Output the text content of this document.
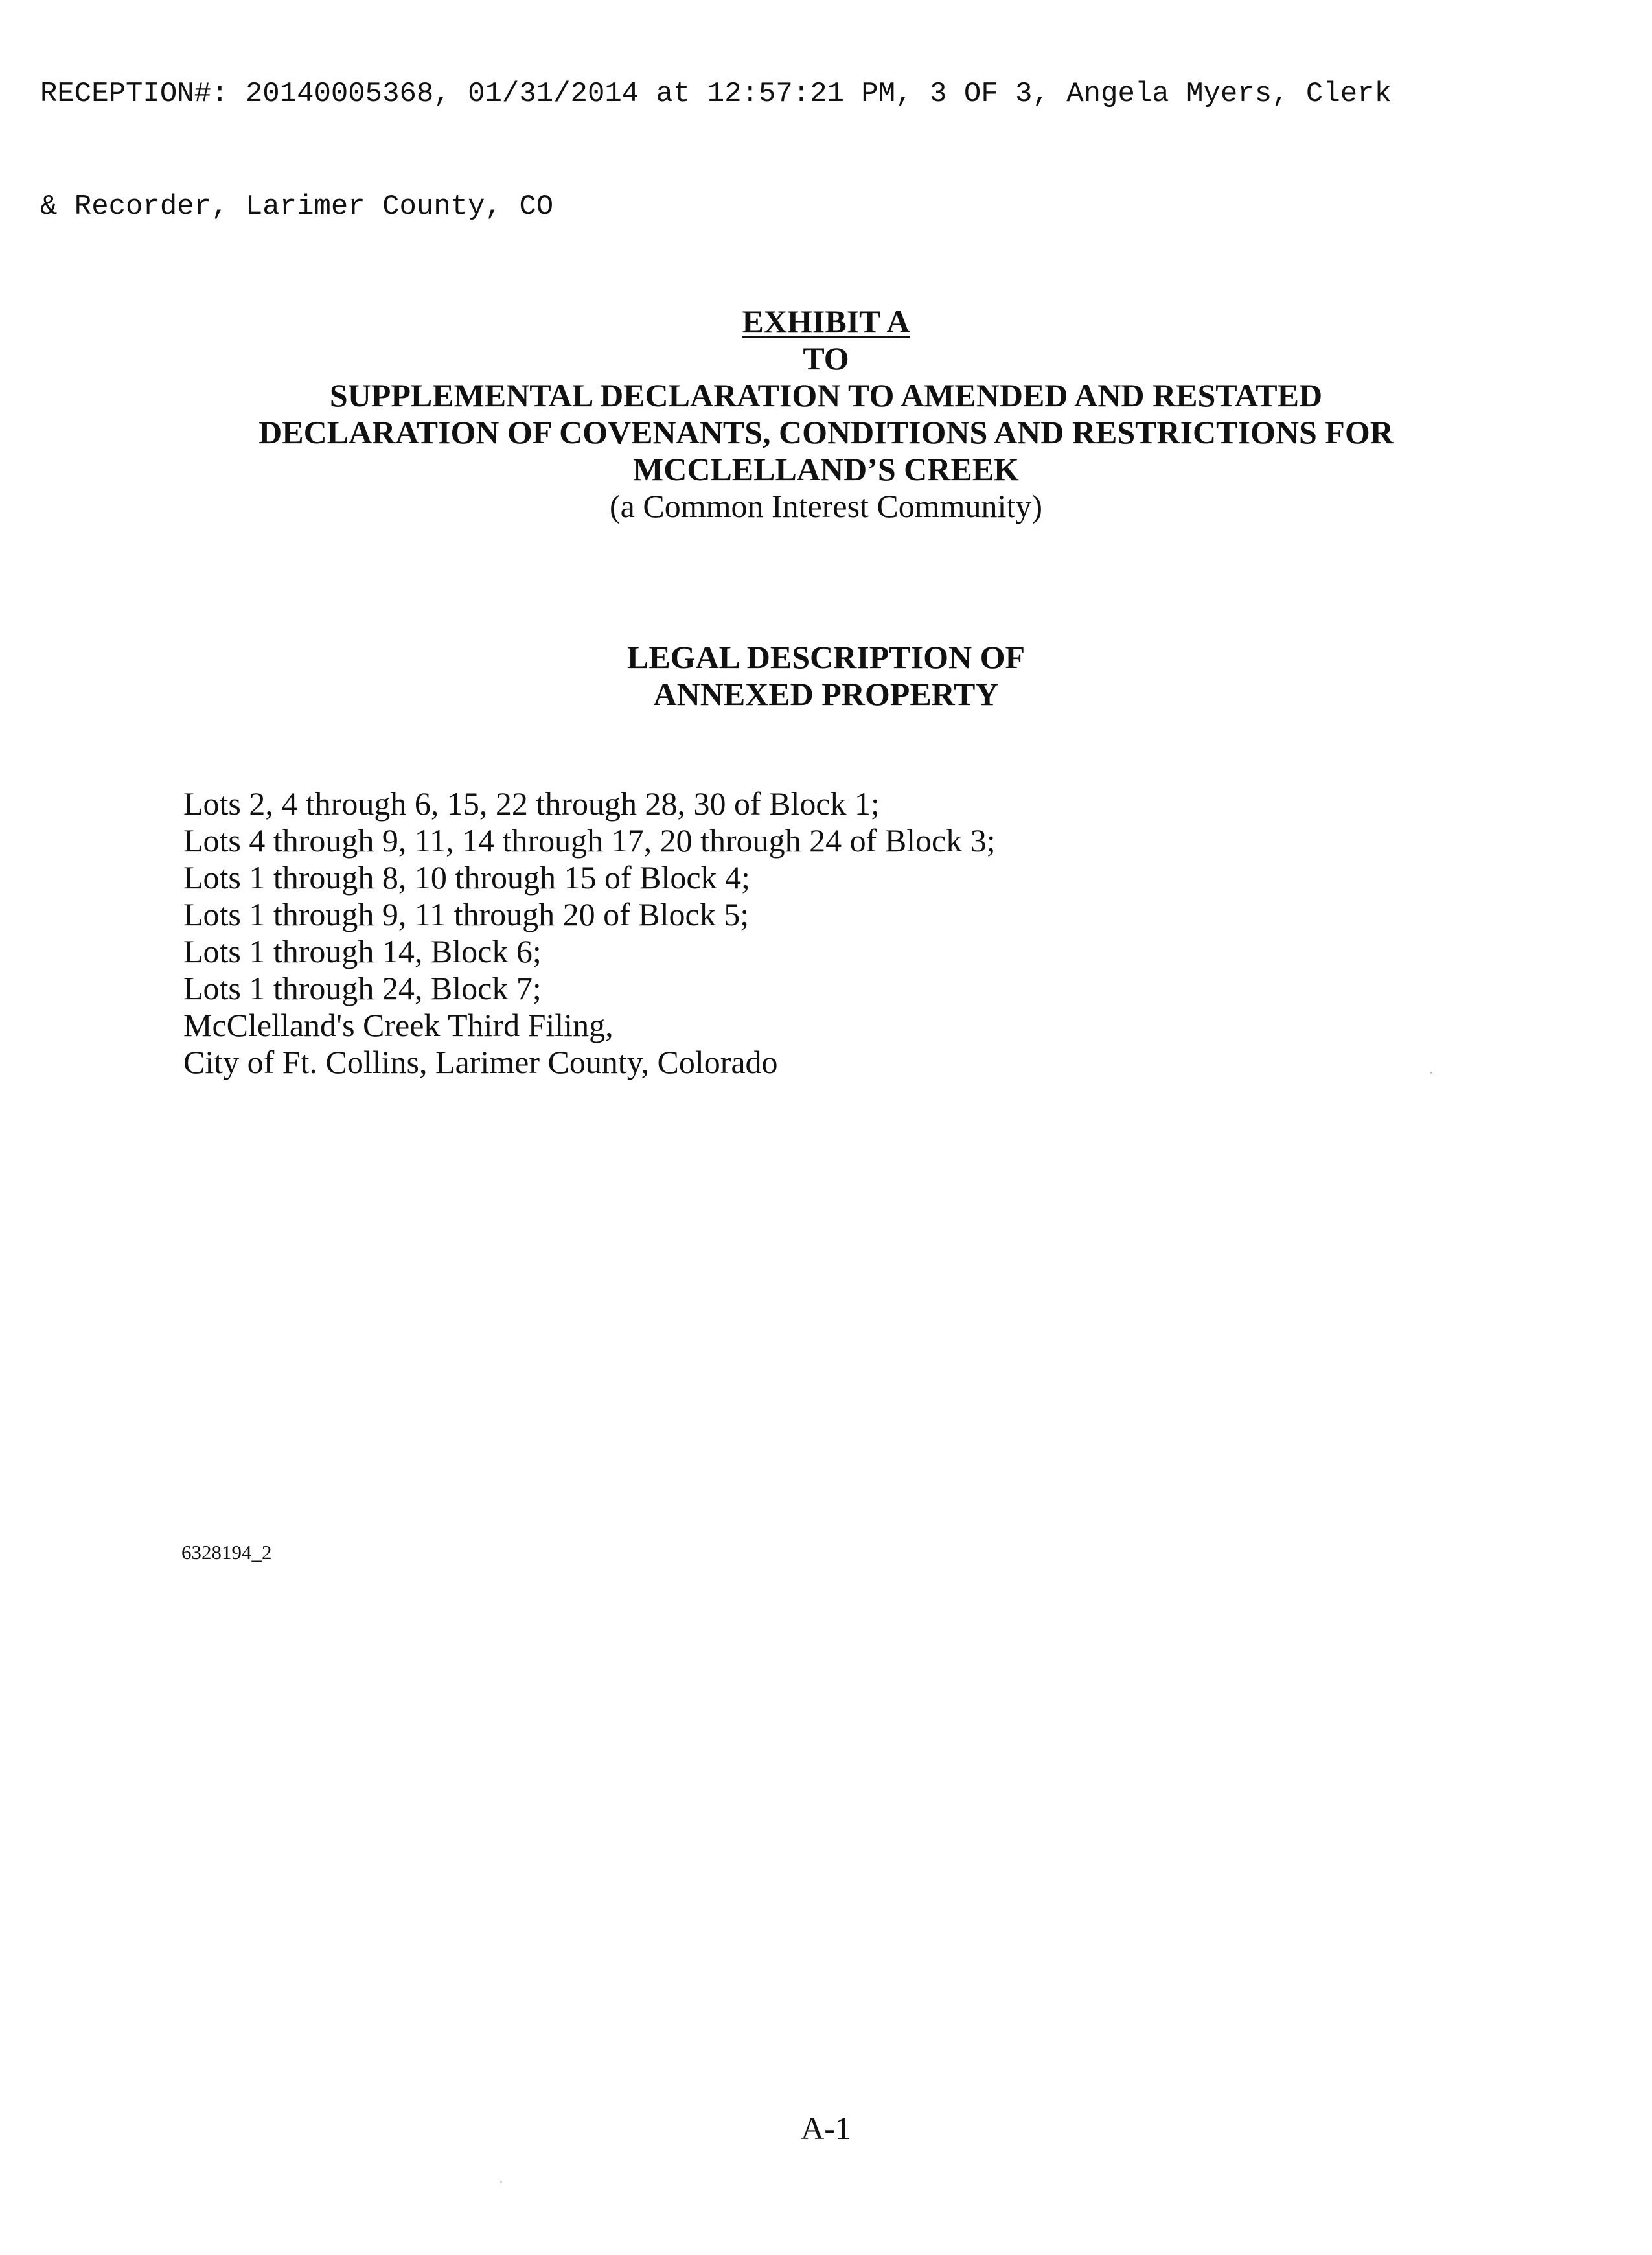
RECEPTION#: 20140005368, 01/31/2014 at 12:57:21 PM, 3 OF 3, Angela Myers, Clerk

& Recorder, Larimer County, CO

EXHIBIT A
TO
SUPPLEMENTAL DECLARATION TO AMENDED AND RESTATED
DECLARATION OF COVENANTS, CONDITIONS AND RESTRICTIONS FOR
MCCLELLAND’S CREEK
(a Common Interest Community)
LEGAL DESCRIPTION OF
ANNEXED PROPERTY
Lots 2, 4 through 6, 15, 22 through 28, 30 of Block 1;
Lots 4 through 9, 11, 14 through 17, 20 through 24 of Block 3;
Lots 1 through 8, 10 through 15 of Block 4;
Lots 1 through 9, 11 through 20 of Block 5;
Lots 1 through 14, Block 6;
Lots 1 through 24, Block 7;
McClelland's Creek Third Filing,
City of Ft. Collins, Larimer County, Colorado
6328194_2
A-1
